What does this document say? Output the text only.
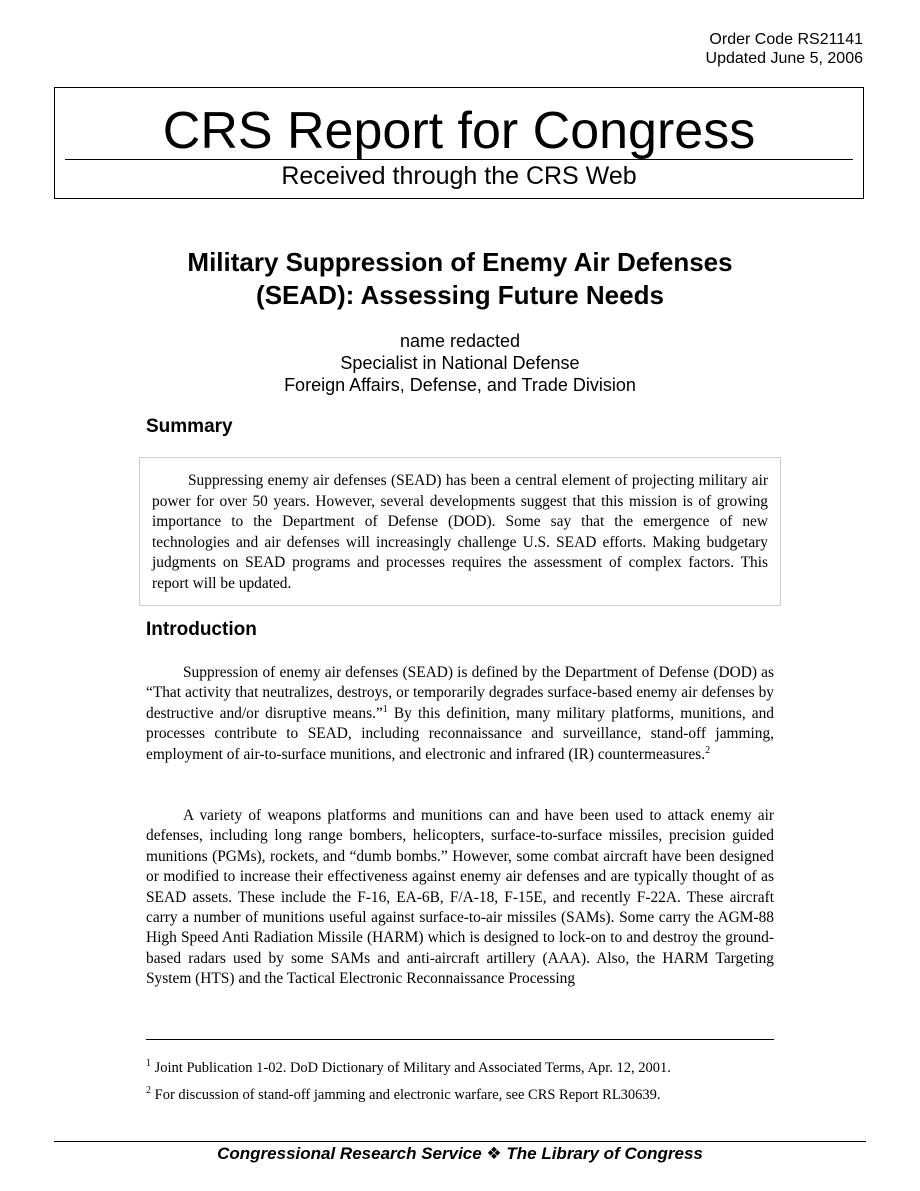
Order Code RS21141
Updated June 5, 2006
CRS Report for Congress
Received through the CRS Web
Military Suppression of Enemy Air Defenses
(SEAD): Assessing Future Needs
name redacted
Specialist in National Defense
Foreign Affairs, Defense, and Trade Division
Summary
Suppressing enemy air defenses (SEAD) has been a central element of projecting military air power for over 50 years. However, several developments suggest that this mission is of growing importance to the Department of Defense (DOD). Some say that the emergence of new technologies and air defenses will increasingly challenge U.S. SEAD efforts. Making budgetary judgments on SEAD programs and processes requires the assessment of complex factors. This report will be updated.
Introduction

Suppression of enemy air defenses (SEAD) is defined by the Department of Defense (DOD) as “That activity that neutralizes, destroys, or temporarily degrades surface-based enemy air defenses by destructive and/or disruptive means.”$^1$ By this definition, many military platforms, munitions, and processes contribute to SEAD, including reconnaissance and surveillance, stand-off jamming, employment of air-to-surface munitions, and electronic and infrared (IR) countermeasures.$^2$

A variety of weapons platforms and munitions can and have been used to attack enemy air defenses, including long range bombers, helicopters, surface-to-surface missiles, precision guided munitions (PGMs), rockets, and “dumb bombs.” However, some combat aircraft have been designed or modified to increase their effectiveness against enemy air defenses and are typically thought of as SEAD assets. These include the F-16, EA-6B, F/A-18, F-15E, and recently F-22A. These aircraft carry a number of munitions useful against surface-to-air missiles (SAMs). Some carry the AGM-88 High Speed Anti Radiation Missile (HARM) which is designed to lock-on to and destroy the ground-based radars used by some SAMs and anti-aircraft artillery (AAA). Also, the HARM Targeting System (HTS) and the Tactical Electronic Reconnaissance Processing

$^1$ Joint Publication 1-02. DoD Dictionary of Military and Associated Terms, Apr. 12, 2001.
$^2$ For discussion of stand-off jamming and electronic warfare, see CRS Report RL30639.
Congressional Research Service ❖ The Library of Congress
